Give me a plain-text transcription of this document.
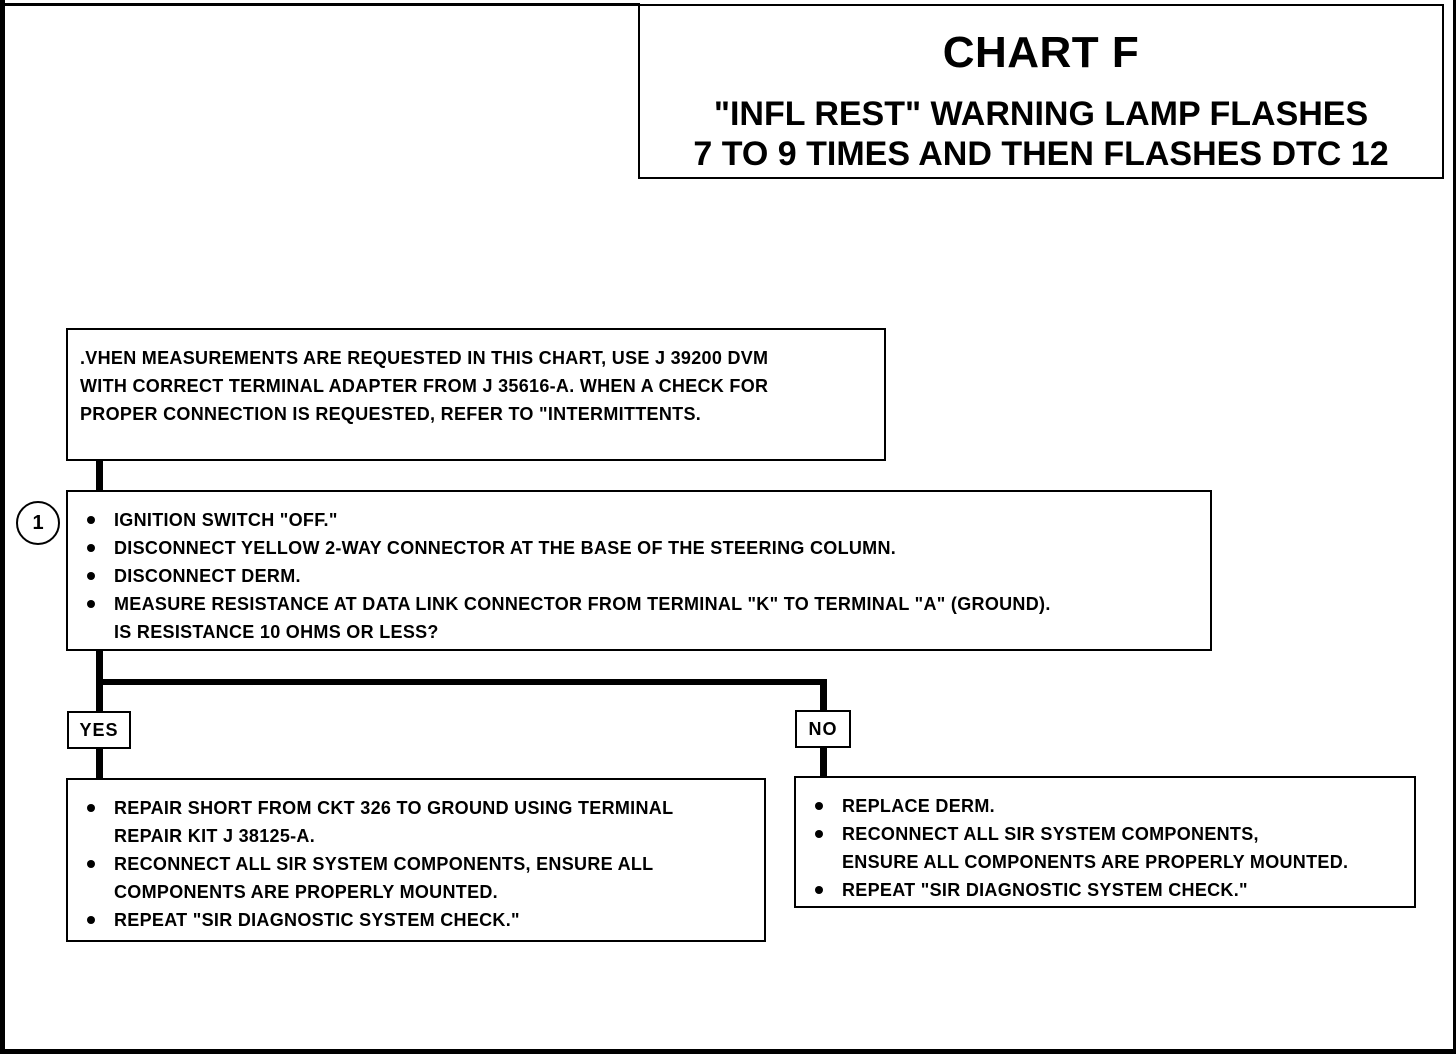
CHART F
"INFL REST" WARNING LAMP FLASHES
7 TO 9 TIMES AND THEN FLASHES DTC 12

.VHEN MEASUREMENTS ARE REQUESTED IN THIS CHART, USE J 39200 DVM
WITH CORRECT TERMINAL ADAPTER FROM J 35616-A. WHEN A CHECK FOR
PROPER CONNECTION IS REQUESTED, REFER TO "INTERMITTENTS.

1	IGNITION SWITCH "OFF."
DISCONNECT YELLOW 2-WAY CONNECTOR AT THE BASE OF THE STEERING COLUMN.
DISCONNECT DERM.
MEASURE RESISTANCE AT DATA LINK CONNECTOR FROM TERMINAL "K" TO TERMINAL "A" (GROUND).
IS RESISTANCE 10 OHMS OR LESS?
YES	NO
REPAIR SHORT FROM CKT 326 TO GROUND USING TERMINAL
REPAIR KIT J 38125-A.
RECONNECT ALL SIR SYSTEM COMPONENTS, ENSURE ALL
COMPONENTS ARE PROPERLY MOUNTED.
REPEAT "SIR DIAGNOSTIC SYSTEM CHECK."
REPLACE DERM.
RECONNECT ALL SIR SYSTEM COMPONENTS,
ENSURE ALL COMPONENTS ARE PROPERLY MOUNTED.
REPEAT "SIR DIAGNOSTIC SYSTEM CHECK."
